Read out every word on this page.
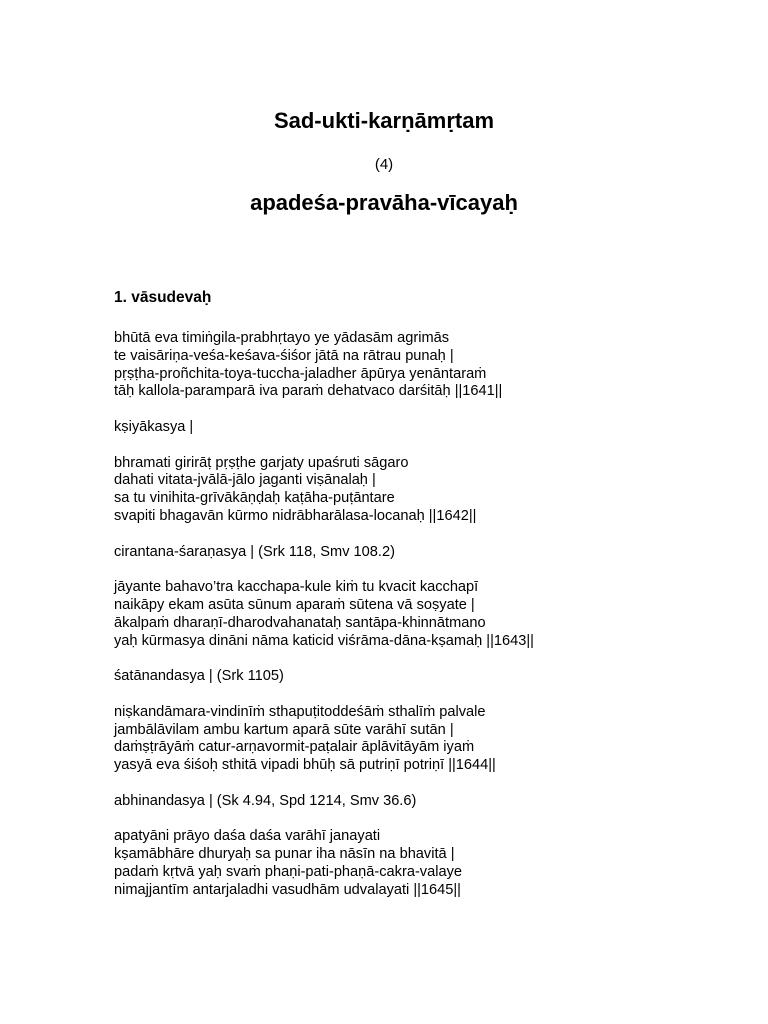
Sad-ukti-karṇāmṛtam
(4)
apadeśa-pravāha-vīcayaḥ
1. vāsudevaḥ
bhūtā eva timiṅgila-prabhṛtayo ye yādasām agrimās
te vaisāriṇa-veśa-keśava-śiśor jātā na rātrau punaḥ |
pṛṣṭha-proñchita-toya-tuccha-jaladher āpūrya yenāntaraṁ
tāḥ kallola-paramparā iva paraṁ dehatvaco darśitāḥ ||1641||
kṣiyākasya |
bhramati girirāṭ pṛṣṭhe garjaty upaśruti sāgaro
dahati vitata-jvālā-jālo jaganti viṣānalaḥ |
sa tu vinihita-grīvākāṇḍaḥ kaṭāha-puṭāntare
svapiti bhagavān kūrmo nidrābharālasa-locanaḥ ||1642||
cirantana-śaraṇasya | (Srk 118, Smv 108.2)
jāyante bahavo’tra kacchapa-kule kiṁ tu kvacit kacchapī
naikāpy ekam asūta sūnum aparaṁ sūtena vā soṣyate |
ākalpaṁ dharaṇī-dharodvahanataḥ santāpa-khinnātmano
yaḥ kūrmasya dināni nāma katicid viśrāma-dāna-kṣamaḥ ||1643||
śatānandasya | (Srk 1105)
niṣkandāmara-vindinīṁ sthapuṭitoddeśāṁ sthalīṁ palvale
jambālāvilam ambu kartum aparā sūte varāhī sutān |
daṁṣṭrāyāṁ catur-arṇavormit-paṭalair āplāvitāyām iyaṁ
yasyā eva śiśoḥ sthitā vipadi bhūḥ sā putriṇī potriṇī ||1644||
abhinandasya | (Sk 4.94, Spd 1214, Smv 36.6)
apatyāni prāyo daśa daśa varāhī janayati
kṣamābhāre dhuryaḥ sa punar iha nāsīn na bhavitā |
padaṁ kṛtvā yaḥ svaṁ phaṇi-pati-phaṇā-cakra-valaye
nimajjantīm antarjaladhi vasudhām udvalayati ||1645||
